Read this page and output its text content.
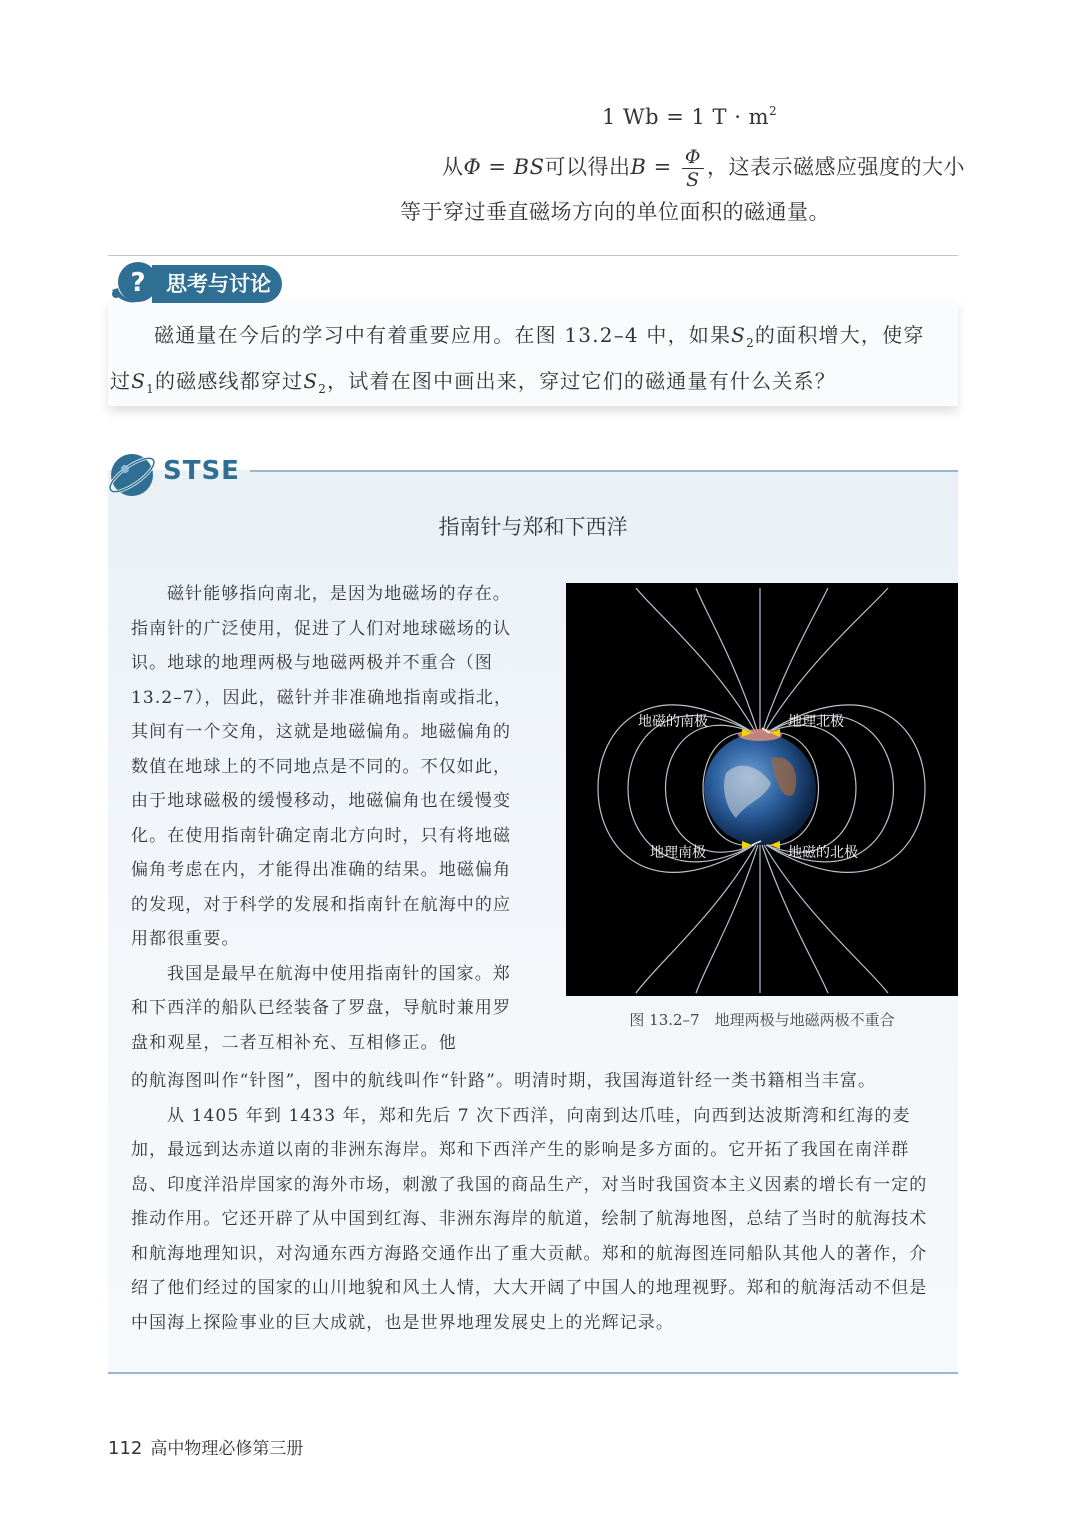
1 Wb = 1 $T \cdot m^2$
从Φ = BS可以得出$B = \frac{\Phi}{S}$ ，这表示磁感应强度的大小
等于穿过垂直磁场方向的单位面积的磁通量。
? 思考与讨论
磁通量在今后的学习中有着重要应用。在图 13.2–4 中，如果$S_2$的面积增大，使穿过$S_1$的磁感线都穿过$S_2$，试着在图中画出来，穿过它们的磁通量有什么关系？
STSE
指南针与郑和下西洋

磁针能够指向南北，是因为地磁场的存在。指南针的广泛使用，促进了人们对地球磁场的认识。地球的地理两极与地磁两极并不重合（图 13.2–7），因此，磁针并非准确地指南或指北，其间有一个交角，这就是地磁偏角。地磁偏角的数值在地球上的不同地点是不同的。不仅如此，由于地球磁极的缓慢移动，地磁偏角也在缓慢变化。在使用指南针确定南北方向时，只有将地磁偏角考虑在内，才能得出准确的结果。地磁偏角的发现，对于科学的发展和指南针在航海中的应用都很重要。

我国是最早在航海中使用指南针的国家。郑和下西洋的船队已经装备了罗盘，导航时兼用罗盘和观星，二者互相补充、互相修正。他

的航海图叫作“针图”，图中的航线叫作“针路”。明清时期，我国海道针经一类书籍相当丰富。

从 1405 年到 1433 年，郑和先后 7 次下西洋，向南到达爪哇，向西到达波斯湾和红海的麦加，最远到达赤道以南的非洲东海岸。郑和下西洋产生的影响是多方面的。它开拓了我国在南洋群岛、印度洋沿岸国家的海外市场，刺激了我国的商品生产，对当时我国资本主义因素的增长有一定的推动作用。它还开辟了从中国到红海、非洲东海岸的航道，绘制了航海地图，总结了当时的航海技术和航海地理知识，对沟通东西方海路交通作出了重大贡献。郑和的航海图连同船队其他人的著作，介绍了他们经过的国家的山川地貌和风土人情，大大开阔了中国人的地理视野。郑和的航海活动不但是中国海上探险事业的巨大成就，也是世界地理发展史上的光辉记录。

地磁的南极	地理北极
地理南极	地磁的北极
图 13.2–7　地理两极与地磁两极不重合
112 高中物理必修第三册
